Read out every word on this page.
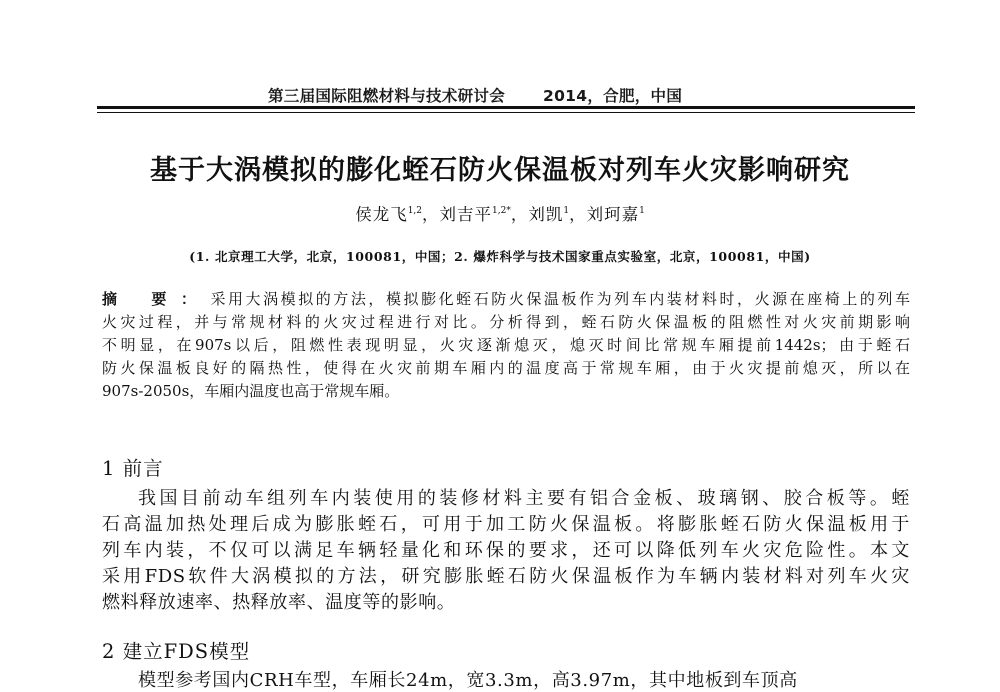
第三届国际阻燃材料与技术研讨会 2014，合肥，中国
基于大涡模拟的膨化蛭石防火保温板对列车火灾影响研究
侯龙飞$^{1,2}$，刘吉平$^{1,2*}$，刘凯$^1$，刘珂嘉$^1$
(1. 北京理工大学，北京，100081，中国；2. 爆炸科学与技术国家重点实验室，北京，100081，中国)
摘 要：采用大涡模拟的方法，模拟膨化蛭石防火保温板作为列车内装材料时，火源在座椅上的列车
火灾过程，并与常规材料的火灾过程进行对比。分析得到，蛭石防火保温板的阻燃性对火灾前期影响
不明显，在907s以后，阻燃性表现明显，火灾逐渐熄灭，熄灭时间比常规车厢提前1442s；由于蛭石
防火保温板良好的隔热性，使得在火灾前期车厢内的温度高于常规车厢，由于火灾提前熄灭，所以在
907s-2050s，车厢内温度也高于常规车厢。
1 前言
我国目前动车组列车内装使用的装修材料主要有铝合金板、玻璃钢、胶合板等。蛭
石高温加热处理后成为膨胀蛭石，可用于加工防火保温板。将膨胀蛭石防火保温板用于
列车内装，不仅可以满足车辆轻量化和环保的要求，还可以降低列车火灾危险性。本文
采用FDS软件大涡模拟的方法，研究膨胀蛭石防火保温板作为车辆内装材料对列车火灾
燃料释放速率、热释放率、温度等的影响。
2 建立FDS模型
模型参考国内CRH车型，车厢长24m，宽3.3m，高3.97m，其中地板到车顶高
